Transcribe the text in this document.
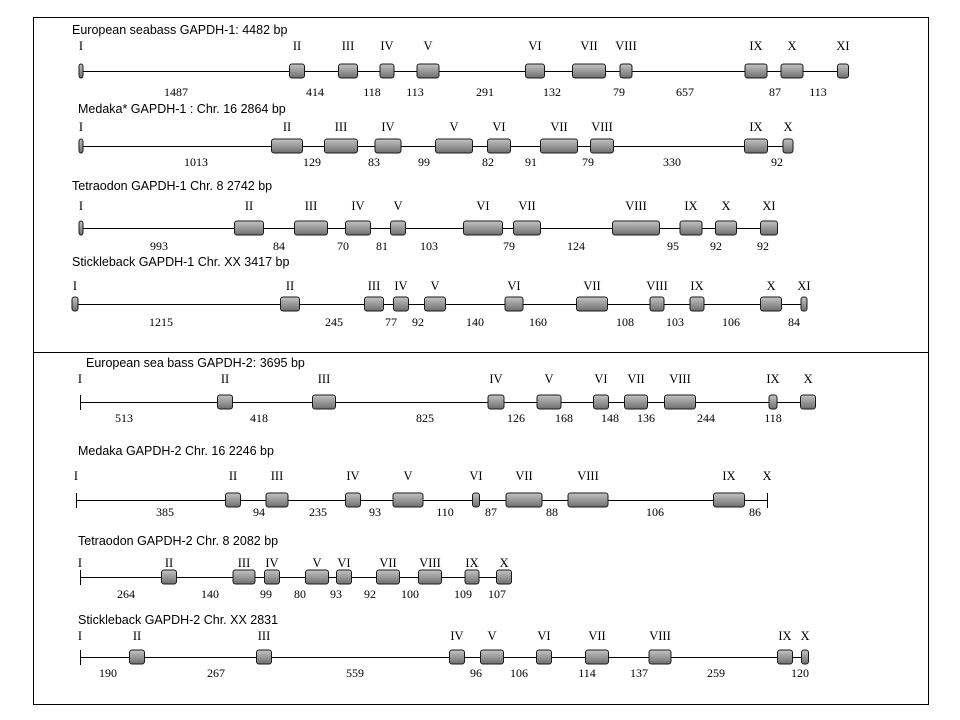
European seabass GAPDH-1: 4482 bp
I	II	III IV V	VI	VII VIII	IX X	XI
1487	414	118 113	291	132	79	657	87 113
Medaka* GAPDH-1 : Chr. 16 2864 bp
I	II	III	IV	V	VI	VII VIII	IX X
1013	129	83	99	82	91	79	330	92
Tetraodon GAPDH-1 Chr. 8 2742 bp
I	II	III	IV V	VI VII	VIII	IX X	XI
993	84	70 81	103	79	124	95	92	92
Stickleback GAPDH-1 Chr. XX 3417 bp
I	II	III IV V	VI	VII	VIII IX	X XI
1215	245	77 92	140	160	108	103	106	84
European sea bass GAPDH-2: 3695 bp
I	II	III	IV	V	VI VII VIII	IX X
513	418	825	126	168 148 136	244	118
Medaka GAPDH-2 Chr. 16 2246 bp
I	II	III	IV	V	VI	VII	VIII	IX X
385	94	235	93	110	87	88	106	86
Tetraodon GAPDH-2 Chr. 8 2082 bp
I	II	III IV	V VI VII VIII IX X
264	140	99 80 93 92 100	109 107
Stickleback GAPDH-2 Chr. XX 2831
I	II	III	IV V	VI	VII	VIII	IX X
190	267	559	96 106	114	137	259	120
